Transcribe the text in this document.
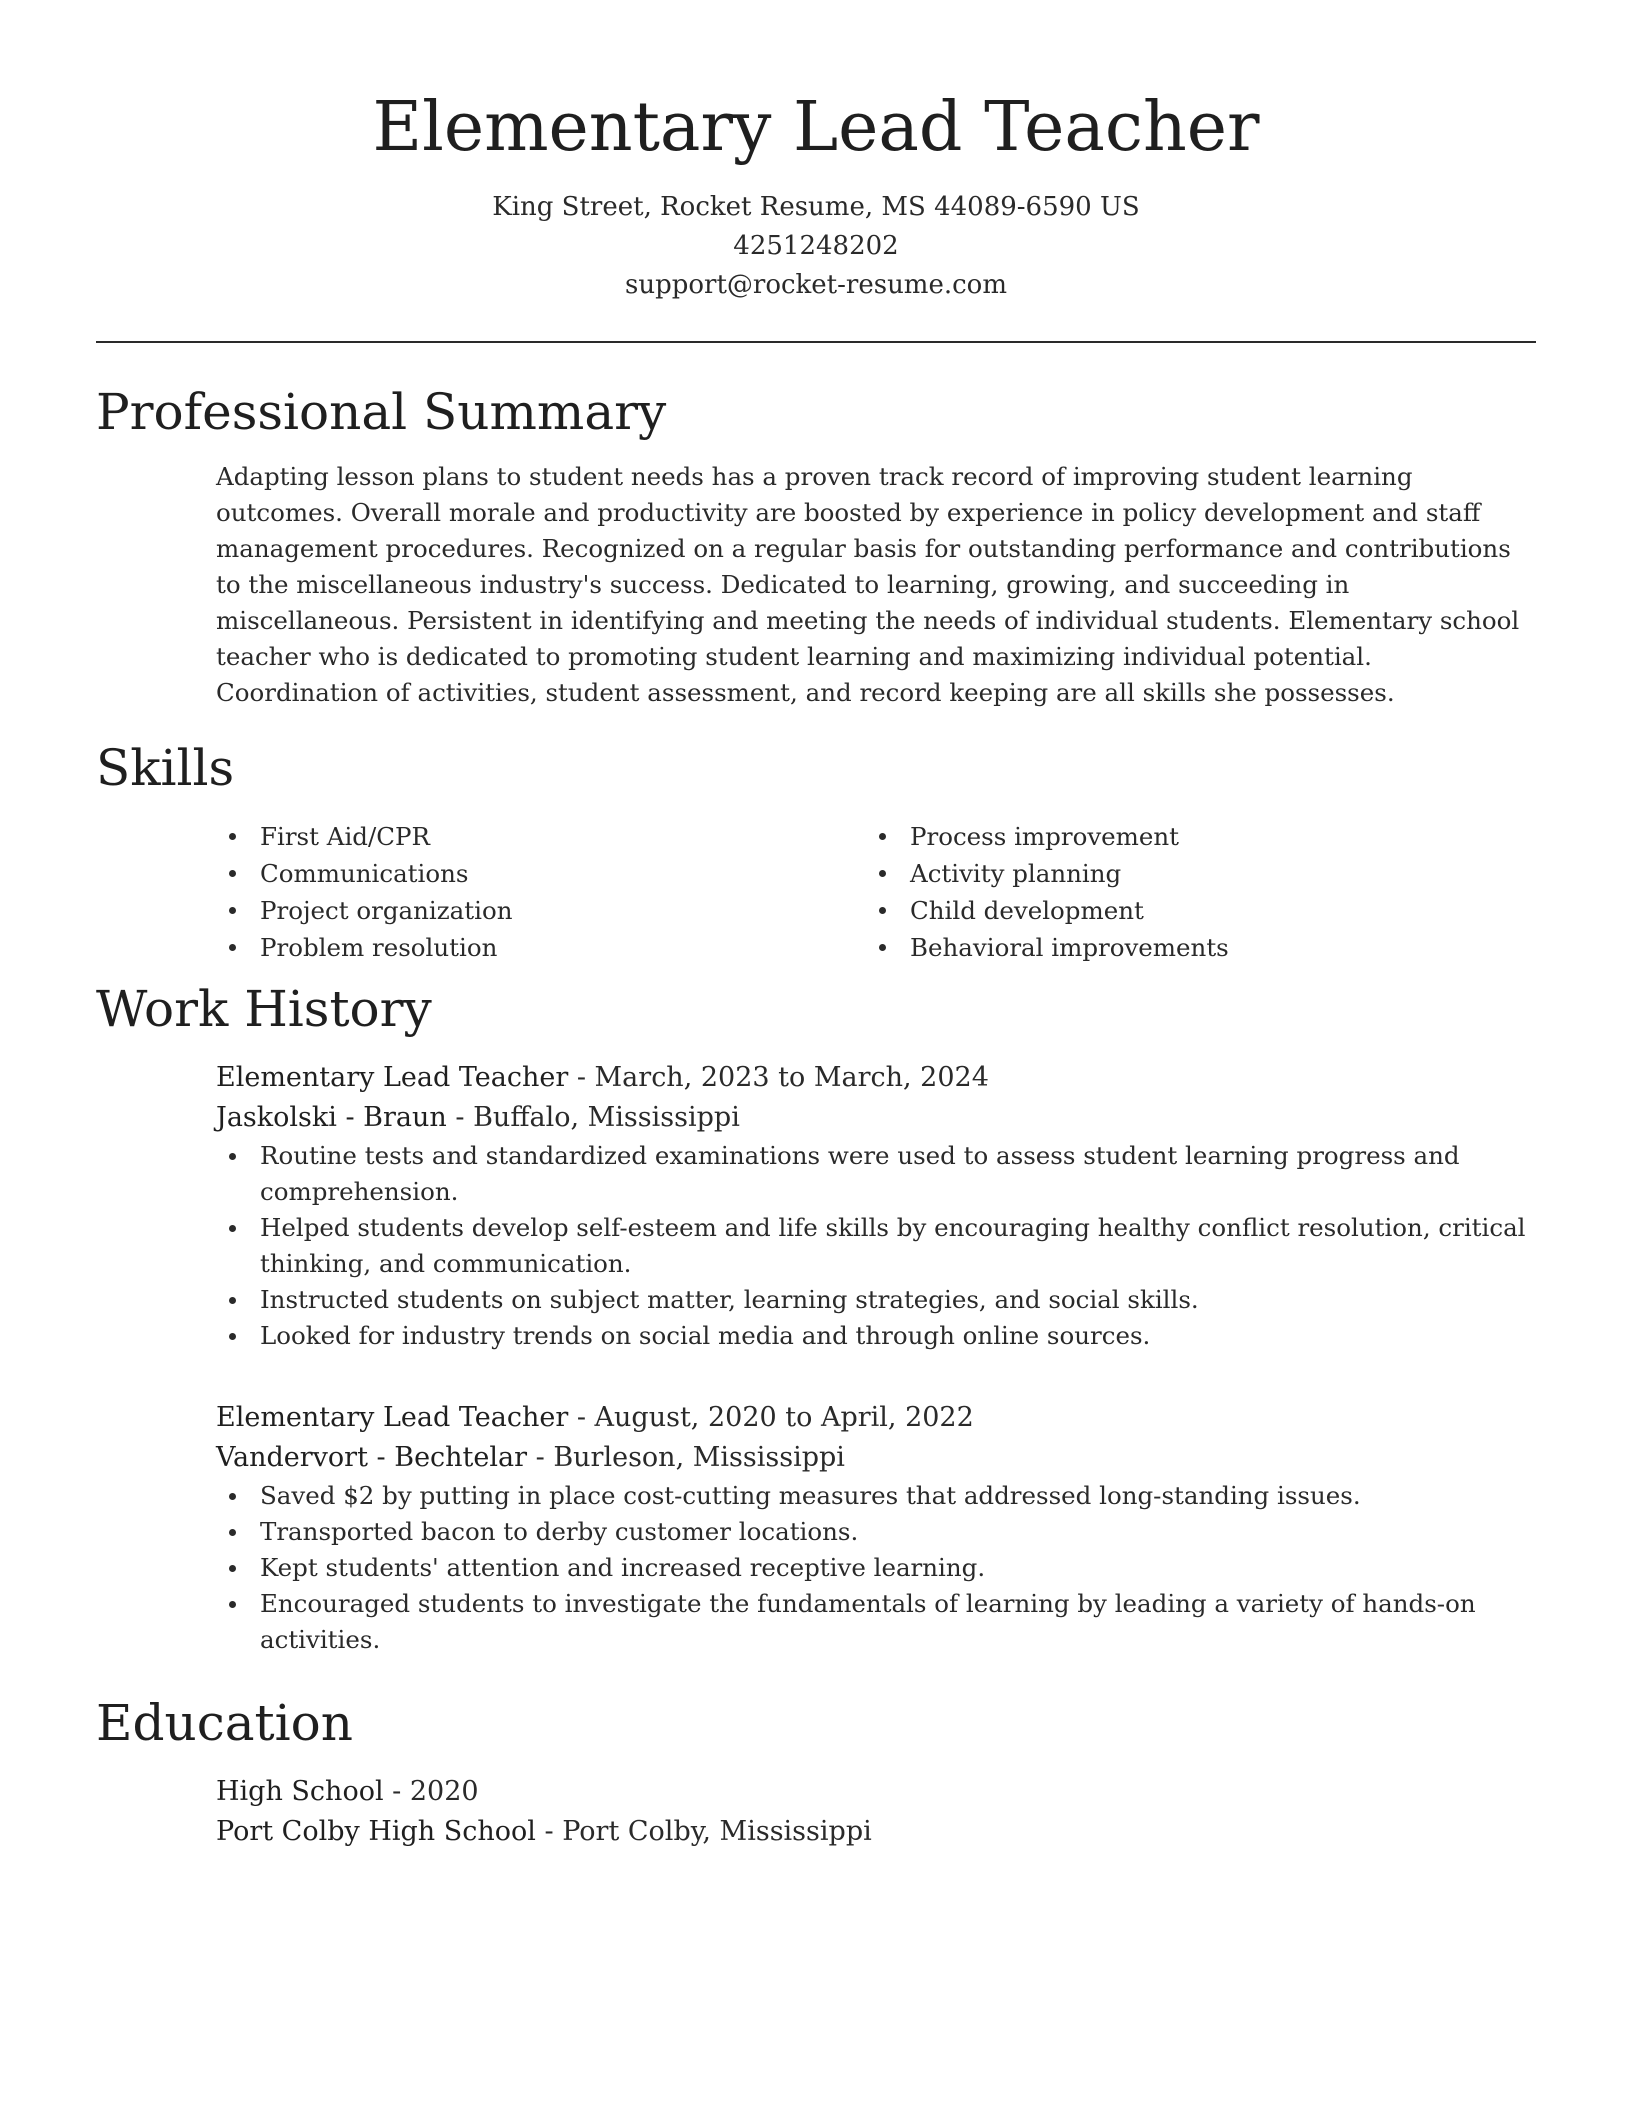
Elementary Lead Teacher
King Street, Rocket Resume, MS 44089-6590 US
4251248202
support@rocket-resume.com
Professional Summary

Adapting lesson plans to student needs has a proven track record of improving student learning outcomes. Overall morale and productivity are boosted by experience in policy development and staff management procedures. Recognized on a regular basis for outstanding performance and contributions to the miscellaneous industry's success. Dedicated to learning, growing, and succeeding in miscellaneous. Persistent in identifying and meeting the needs of individual students. Elementary school teacher who is dedicated to promoting student learning and maximizing individual potential. Coordination of activities, student assessment, and record keeping are all skills she possesses.

Skills
First Aid/CPR
Communications
Project organization
Problem resolution
Process improvement
Activity planning
Child development
Behavioral improvements
Work History
Elementary Lead Teacher - March, 2023 to March, 2024
Jaskolski - Braun - Buffalo, Mississippi
Routine tests and standardized examinations were used to assess student learning progress and comprehension.
Helped students develop self-esteem and life skills by encouraging healthy conflict resolution, critical thinking, and communication.
Instructed students on subject matter, learning strategies, and social skills.
Looked for industry trends on social media and through online sources.
Elementary Lead Teacher - August, 2020 to April, 2022
Vandervort - Bechtelar - Burleson, Mississippi
Saved $2 by putting in place cost-cutting measures that addressed long-standing issues.
Transported bacon to derby customer locations.
Kept students' attention and increased receptive learning.
Encouraged students to investigate the fundamentals of learning by leading a variety of hands-on activities.
Education
High School - 2020
Port Colby High School - Port Colby, Mississippi
